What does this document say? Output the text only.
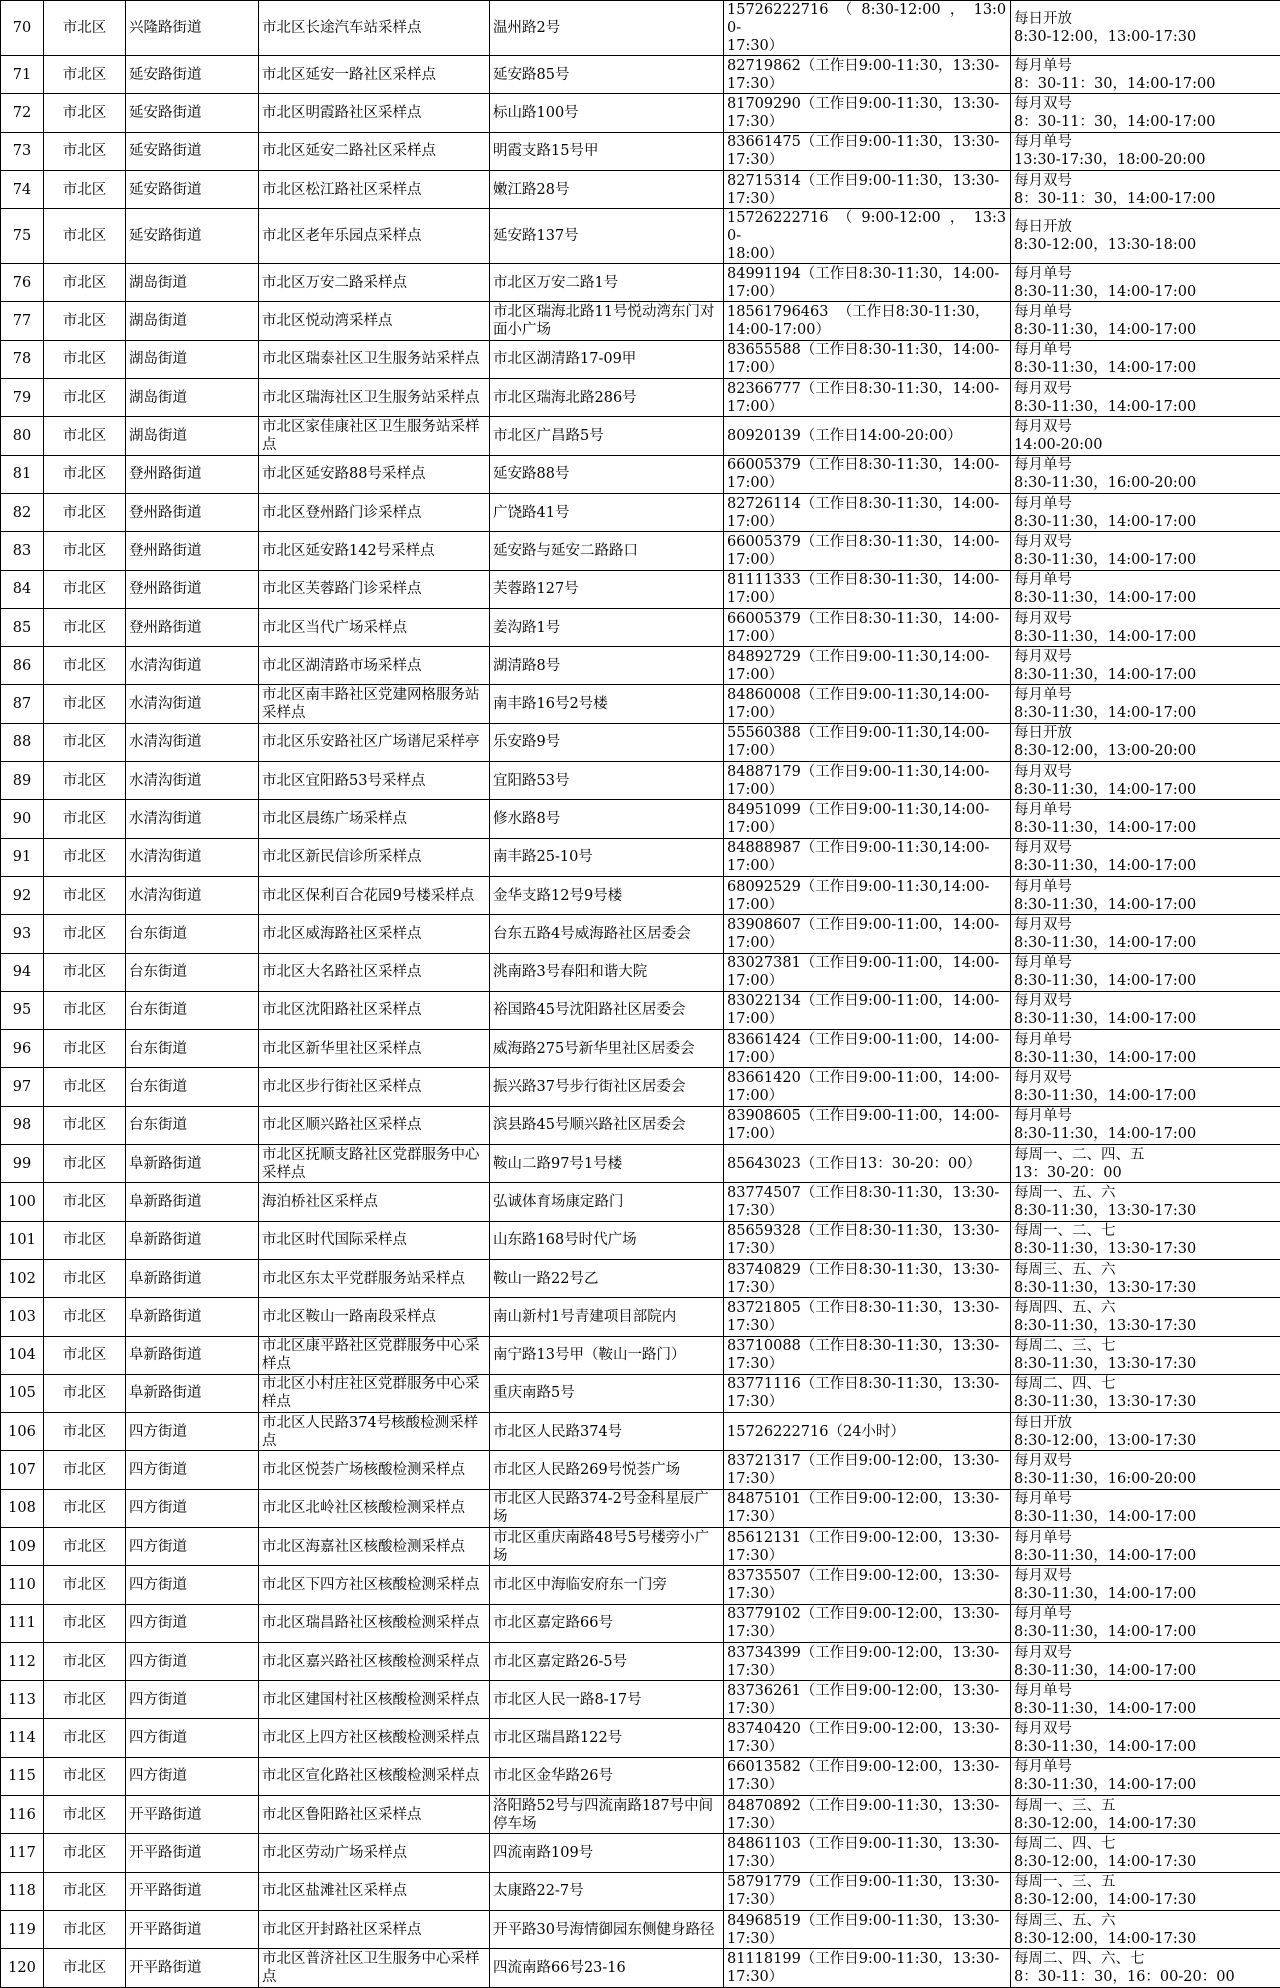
70	市北区	兴隆路街道	市北区长途汽车站采样点	温州路2号	15726222716  （  8:30-12:00  ，  13:00-
17:30）	每日开放
8:30-12:00，13:00-17:30
71	市北区	延安路街道	市北区延安一路社区采样点	延安路85号	82719862（工作日9:00-11:30，13:30-
17:30）	每月单号
8：30-11：30，14:00-17:00
72	市北区	延安路街道	市北区明霞路社区采样点	标山路100号	81709290（工作日9:00-11:30，13:30-
17:30）	每月双号
8：30-11：30，14:00-17:00
73	市北区	延安路街道	市北区延安二路社区采样点	明霞支路15号甲	83661475（工作日9:00-11:30，13:30-
17:30）	每月单号
13:30-17:30，18:00-20:00
74	市北区	延安路街道	市北区松江路社区采样点	嫩江路28号	82715314（工作日9:00-11:30，13:30-
17:30）	每月双号
8：30-11：30，14:00-17:00
75	市北区	延安路街道	市北区老年乐园点采样点	延安路137号	15726222716  （  9:00-12:00  ，  13:30-
18:00）	每日开放
8:30-12:00，13:30-18:00
76	市北区	湖岛街道	市北区万安二路采样点	市北区万安二路1号	84991194（工作日8:30-11:30，14:00-
17:00）	每月单号
8:30-11:30，14:00-17:00
77	市北区	湖岛街道	市北区悦动湾采样点	市北区瑞海北路11号悦动湾东门对面小广场	18561796463  （工作日8:30-11:30，
14:00-17:00）	每月单号
8:30-11:30，14:00-17:00
78	市北区	湖岛街道	市北区瑞泰社区卫生服务站采样点	市北区湖清路17-09甲	83655588（工作日8:30-11:30，14:00-
17:00）	每月单号
8:30-11:30，14:00-17:00
79	市北区	湖岛街道	市北区瑞海社区卫生服务站采样点	市北区瑞海北路286号	82366777（工作日8:30-11:30，14:00-
17:00）	每月双号
8:30-11:30，14:00-17:00
80	市北区	湖岛街道	市北区家佳康社区卫生服务站采样点	市北区广昌路5号	80920139（工作日14:00-20:00）	每月双号
14:00-20:00
81	市北区	登州路街道	市北区延安路88号采样点	延安路88号	66005379（工作日8:30-11:30，14:00-
17:00）	每月单号
8:30-11:30，16:00-20:00
82	市北区	登州路街道	市北区登州路门诊采样点	广饶路41号	82726114（工作日8:30-11:30，14:00-
17:00）	每月单号
8:30-11:30，14:00-17:00
83	市北区	登州路街道	市北区延安路142号采样点	延安路与延安二路路口	66005379（工作日8:30-11:30，14:00-
17:00）	每月双号
8:30-11:30，14:00-17:00
84	市北区	登州路街道	市北区芙蓉路门诊采样点	芙蓉路127号	81111333（工作日8:30-11:30，14:00-
17:00）	每月单号
8:30-11:30，14:00-17:00
85	市北区	登州路街道	市北区当代广场采样点	姜沟路1号	66005379（工作日8:30-11:30，14:00-
17:00）	每月双号
8:30-11:30，14:00-17:00
86	市北区	水清沟街道	市北区湖清路市场采样点	湖清路8号	84892729（工作日9:00-11:30,14:00-
17:00）	每月双号
8:30-11:30，14:00-17:00
87	市北区	水清沟街道	市北区南丰路社区党建网格服务站采样点	南丰路16号2号楼	84860008（工作日9:00-11:30,14:00-
17:00）	每月单号
8:30-11:30，14:00-17:00
88	市北区	水清沟街道	市北区乐安路社区广场谱尼采样亭	乐安路9号	55560388（工作日9:00-11:30,14:00-
17:00）	每日开放
8:30-12:00，13:00-20:00
89	市北区	水清沟街道	市北区宜阳路53号采样点	宜阳路53号	84887179（工作日9:00-11:30,14:00-
17:00）	每月双号
8:30-11:30，14:00-17:00
90	市北区	水清沟街道	市北区晨练广场采样点	修水路8号	84951099（工作日9:00-11:30,14:00-
17:00）	每月单号
8:30-11:30，14:00-17:00
91	市北区	水清沟街道	市北区新民信诊所采样点	南丰路25-10号	84888987（工作日9:00-11:30,14:00-
17:00）	每月双号
8:30-11:30，14:00-17:00
92	市北区	水清沟街道	市北区保利百合花园9号楼采样点	金华支路12号9号楼	68092529（工作日9:00-11:30,14:00-
17:00）	每月单号
8:30-11:30，14:00-17:00
93	市北区	台东街道	市北区威海路社区采样点	台东五路4号威海路社区居委会	83908607（工作日9:00-11:00，14:00-
17:00）	每月双号
8:30-11:30，14:00-17:00
94	市北区	台东街道	市北区大名路社区采样点	洮南路3号春阳和谐大院	83027381（工作日9:00-11:00，14:00-
17:00）	每月单号
8:30-11:30，14:00-17:00
95	市北区	台东街道	市北区沈阳路社区采样点	裕国路45号沈阳路社区居委会	83022134（工作日9:00-11:00，14:00-
17:00）	每月双号
8:30-11:30，14:00-17:00
96	市北区	台东街道	市北区新华里社区采样点	威海路275号新华里社区居委会	83661424（工作日9:00-11:00，14:00-
17:00）	每月单号
8:30-11:30，14:00-17:00
97	市北区	台东街道	市北区步行街社区采样点	振兴路37号步行街社区居委会	83661420（工作日9:00-11:00，14:00-
17:00）	每月双号
8:30-11:30，14:00-17:00
98	市北区	台东街道	市北区顺兴路社区采样点	滨县路45号顺兴路社区居委会	83908605（工作日9:00-11:00，14:00-
17:00）	每月单号
8:30-11:30，14:00-17:00
99	市北区	阜新路街道	市北区抚顺支路社区党群服务中心采样点	鞍山二路97号1号楼	85643023（工作日13：30-20：00）	每周一、二、四、五
13：30-20：00
100	市北区	阜新路街道	海泊桥社区采样点	弘诚体育场康定路门	83774507（工作日8:30-11:30，13:30-
17:30）	每周一、五、六
8:30-11:30，13:30-17:30
101	市北区	阜新路街道	市北区时代国际采样点	山东路168号时代广场	85659328（工作日8:30-11:30，13:30-
17:30）	每周一、二、七
8:30-11:30，13:30-17:30
102	市北区	阜新路街道	市北区东太平党群服务站采样点	鞍山一路22号乙	83740829（工作日8:30-11:30，13:30-
17:30）	每周三、五、六
8:30-11:30，13:30-17:30
103	市北区	阜新路街道	市北区鞍山一路南段采样点	南山新村1号青建项目部院内	83721805（工作日8:30-11:30，13:30-
17:30）	每周四、五、六
8:30-11:30，13:30-17:30
104	市北区	阜新路街道	市北区康平路社区党群服务中心采样点	南宁路13号甲（鞍山一路门）	83710088（工作日8:30-11:30，13:30-
17:30）	每周二、三、七
8:30-11:30，13:30-17:30
105	市北区	阜新路街道	市北区小村庄社区党群服务中心采样点	重庆南路5号	83771116（工作日8:30-11:30，13:30-
17:30）	每周二、四、七
8:30-11:30，13:30-17:30
106	市北区	四方街道	市北区人民路374号核酸检测采样点	市北区人民路374号	15726222716（24小时）	每日开放
8:30-12:00，13:00-17:30
107	市北区	四方街道	市北区悦荟广场核酸检测采样点	市北区人民路269号悦荟广场	83721317（工作日9:00-12:00，13:30-
17:30）	每月双号
8:30-11:30，16:00-20:00
108	市北区	四方街道	市北区北岭社区核酸检测采样点	市北区人民路374-2号金科星辰广场	84875101（工作日9:00-12:00，13:30-
17:30）	每月单号
8:30-11:30，14:00-17:00
109	市北区	四方街道	市北区海嘉社区核酸检测采样点	市北区重庆南路48号5号楼旁小广场	85612131（工作日9:00-12:00，13:30-
17:30）	每月单号
8:30-11:30，14:00-17:00
110	市北区	四方街道	市北区下四方社区核酸检测采样点	市北区中海临安府东一门旁	83735507（工作日9:00-12:00，13:30-
17:30）	每月双号
8:30-11:30，14:00-17:00
111	市北区	四方街道	市北区瑞昌路社区核酸检测采样点	市北区嘉定路66号	83779102（工作日9:00-12:00，13:30-
17:30）	每月单号
8:30-11:30，14:00-17:00
112	市北区	四方街道	市北区嘉兴路社区核酸检测采样点	市北区嘉定路26-5号	83734399（工作日9:00-12:00，13:30-
17:30）	每月双号
8:30-11:30，14:00-17:00
113	市北区	四方街道	市北区建国村社区核酸检测采样点	市北区人民一路8-17号	83736261（工作日9:00-12:00，13:30-
17:30）	每月单号
8:30-11:30，14:00-17:00
114	市北区	四方街道	市北区上四方社区核酸检测采样点	市北区瑞昌路122号	83740420（工作日9:00-12:00，13:30-
17:30）	每月双号
8:30-11:30，14:00-17:00
115	市北区	四方街道	市北区宣化路社区核酸检测采样点	市北区金华路26号	66013582（工作日9:00-12:00，13:30-
17:30）	每月单号
8:30-11:30，14:00-17:00
116	市北区	开平路街道	市北区鲁阳路社区采样点	洛阳路52号与四流南路187号中间停车场	84870892（工作日9:00-11:30，13:30-
17:30）	每周一、三、五
8:30-12:00，14:00-17:30
117	市北区	开平路街道	市北区劳动广场采样点	四流南路109号	84861103（工作日9:00-11:30，13:30-
17:30）	每周二、四、七
8:30-12:00，14:00-17:30
118	市北区	开平路街道	市北区盐滩社区采样点	太康路22-7号	58791779（工作日9:00-11:30，13:30-
17:30）	每周一、三、五
8:30-12:00，14:00-17:30
119	市北区	开平路街道	市北区开封路社区采样点	开平路30号海情御园东侧健身路径	84968519（工作日9:00-11:30，13:30-
17:30）	每周三、五、六
8:30-12:00，14:00-17:30
120	市北区	开平路街道	市北区普济社区卫生服务中心采样点	四流南路66号23-16	81118199（工作日9:00-11:30，13:30-
17:30）	每周二、四、六、七
8：30-11：30，16：00-20：00
